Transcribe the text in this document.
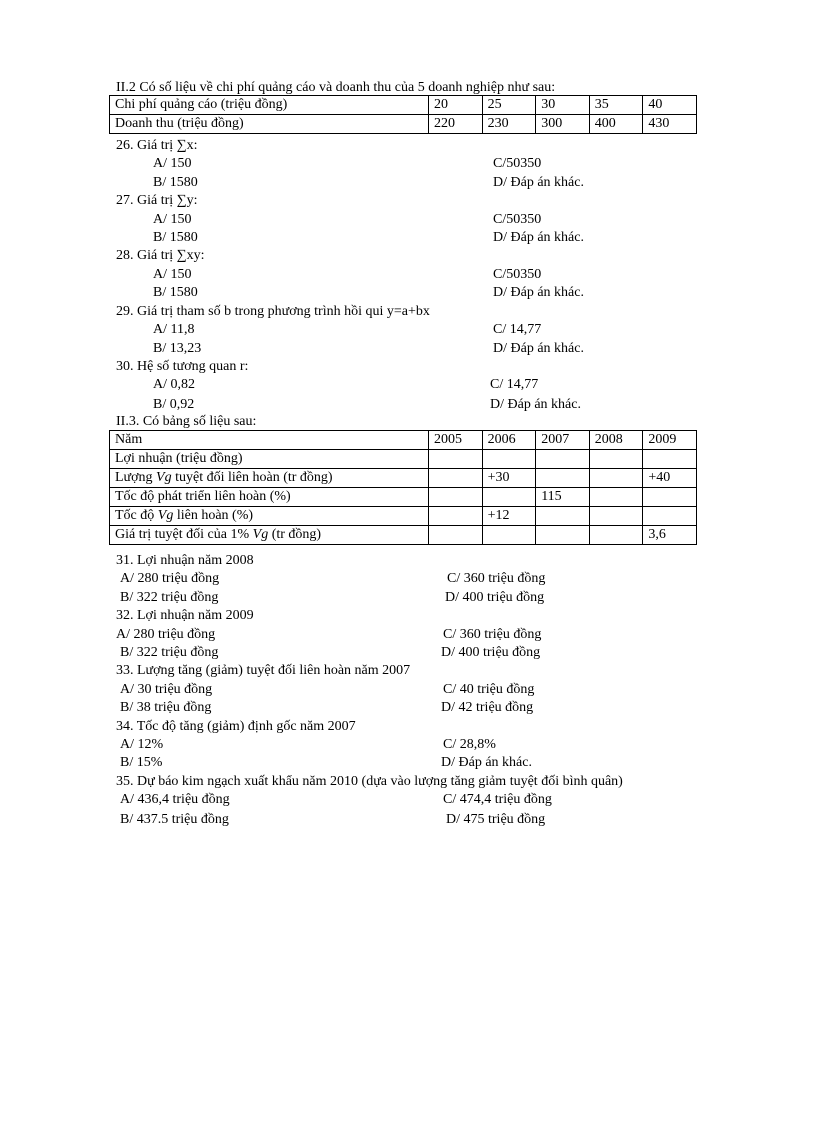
II.2 Có số liệu về chi phí quảng cáo và doanh thu của 5 doanh nghiệp như sau:
Chi phí quảng cáo (triệu đồng)	20	25	30	35	40
Doanh thu (triệu đồng)	220	230	300	400	430
26. Giá trị ∑x:
A/ 150	C/50350
B/ 1580	D/ Đáp án khác.
27. Giá trị ∑y:
A/ 150	C/50350
B/ 1580	D/ Đáp án khác.
28. Giá trị ∑xy:
A/ 150	C/50350
B/ 1580	D/ Đáp án khác.
29. Giá trị tham số b trong phương trình hồi qui y=a+bx
A/ 11,8	C/ 14,77
B/ 13,23	D/ Đáp án khác.
30. Hệ số tương quan r:
A/ 0,82	C/ 14,77
B/ 0,92	D/ Đáp án khác.
II.3. Có bảng số liệu sau:
Năm	2005	2006	2007	2008	2009
Lợi nhuận (triệu đồng)					
Lượng Vg tuyệt đối liên hoàn (tr đồng)		+30			+40
Tốc độ phát triển liên hoàn (%)			115		
Tốc độ Vg liên hoàn (%)		+12			
Giá trị tuyệt đối của 1% Vg (tr đồng)					3,6
31. Lợi nhuận năm 2008
A/ 280 triệu đồng	C/ 360 triệu đồng
B/ 322 triệu đồng	D/ 400 triệu đồng
32. Lợi nhuận năm 2009
A/ 280 triệu đồng	C/ 360 triệu đồng
B/ 322 triệu đồng	D/ 400 triệu đồng
33. Lượng tăng (giảm) tuyệt đối liên hoàn năm 2007
A/ 30 triệu đồng	C/ 40 triệu đồng
B/ 38 triệu đồng	D/ 42 triệu đồng
34. Tốc độ tăng (giảm) định gốc năm 2007
A/ 12%	C/ 28,8%
B/ 15%	D/ Đáp án khác.
35. Dự báo kim ngạch xuất khẩu năm 2010 (dựa vào lượng tăng giảm tuyệt đối bình quân)
A/ 436,4 triệu đồng	C/ 474,4 triệu đồng
B/ 437.5 triệu đồng	D/ 475 triệu đồng
